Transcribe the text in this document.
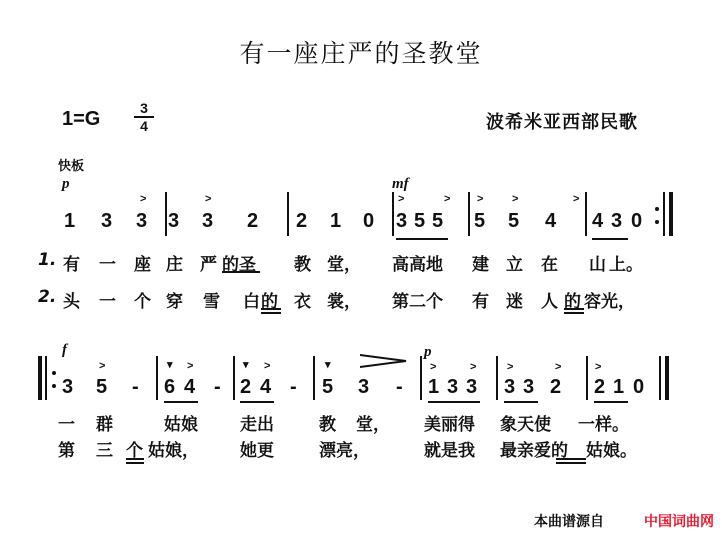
有一座庄严的圣教堂
1=G	3
4	波希米亚西部民歌
快板
p	mf
>	>	>	> >	>	>
1 3 3 3 3 2 2 1 0 3 5 5 5 5 4 4 3 0
1. 有 一 座 庄 严 的圣 教 堂， 高高地 建 立 在 山 上。
2. 头 一 个 穿 雪 白 的 衣 裳， 第二个 有 迷 人 的 容光，
f	p
>	▾ >	▾ >	▾	>	>	>	>	>
3 5 - 6 4 - 2 4 - 5 3 - 1 3 3 3 3 2 2 1 0
一 群	姑娘 走出	教 堂， 美丽得 象天使 一样。
第 三 个 姑娘， 她更	漂亮，	就是我 最亲爱的 姑娘。
本曲谱源自	中国词曲网
